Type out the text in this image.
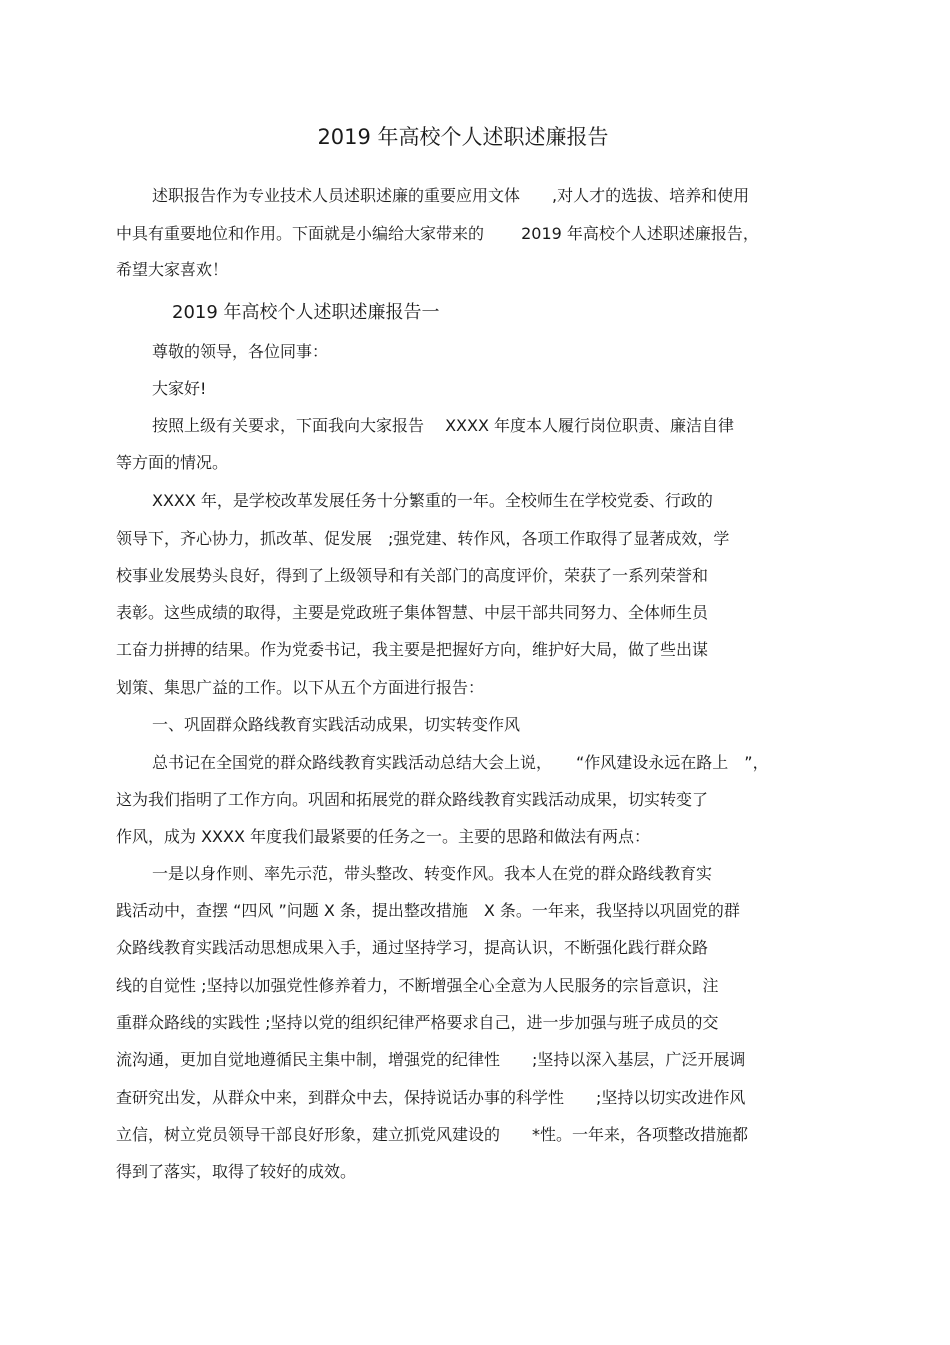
2019 年高校个人述职述廉报告
述职报告作为专业技术人员述职述廉的重要应用文体　　,对人才的选拔、培养和使用
中具有重要地位和作用。下面就是小编给大家带来的　　 2019 年高校个人述职述廉报告，
希望大家喜欢！
2019 年高校个人述职述廉报告一
尊敬的领导，各位同事：
大家好!
按照上级有关要求，下面我向大家报告　 XXXX 年度本人履行岗位职责、廉洁自律
等方面的情况。
XXXX 年，是学校改革发展任务十分繁重的一年。全校师生在学校党委、行政的
领导下，齐心协力，抓改革、促发展　;强党建、转作风，各项工作取得了显著成效，学
校事业发展势头良好，得到了上级领导和有关部门的高度评价，荣获了一系列荣誉和
表彰。这些成绩的取得，主要是党政班子集体智慧、中层干部共同努力、全体师生员
工奋力拼搏的结果。作为党委书记，我主要是把握好方向，维护好大局，做了些出谋
划策、集思广益的工作。以下从五个方面进行报告：
一、巩固群众路线教育实践活动成果，切实转变作风
总书记在全国党的群众路线教育实践活动总结大会上说，　　“作风建设永远在路上　”，
这为我们指明了工作方向。巩固和拓展党的群众路线教育实践活动成果，切实转变了
作风，成为 XXXX 年度我们最紧要的任务之一。主要的思路和做法有两点：
一是以身作则、率先示范，带头整改、转变作风。我本人在党的群众路线教育实
践活动中，查摆 “四风 ”问题 X 条，提出整改措施　X 条。一年来，我坚持以巩固党的群
众路线教育实践活动思想成果入手，通过坚持学习，提高认识，不断强化践行群众路
线的自觉性 ;坚持以加强党性修养着力，不断增强全心全意为人民服务的宗旨意识，注
重群众路线的实践性 ;坚持以党的组织纪律严格要求自己，进一步加强与班子成员的交
流沟通，更加自觉地遵循民主集中制，增强党的纪律性　　;坚持以深入基层，广泛开展调
查研究出发，从群众中来，到群众中去，保持说话办事的科学性　　;坚持以切实改进作风
立信，树立党员领导干部良好形象，建立抓党风建设的　　*性。一年来，各项整改措施都
得到了落实，取得了较好的成效。
